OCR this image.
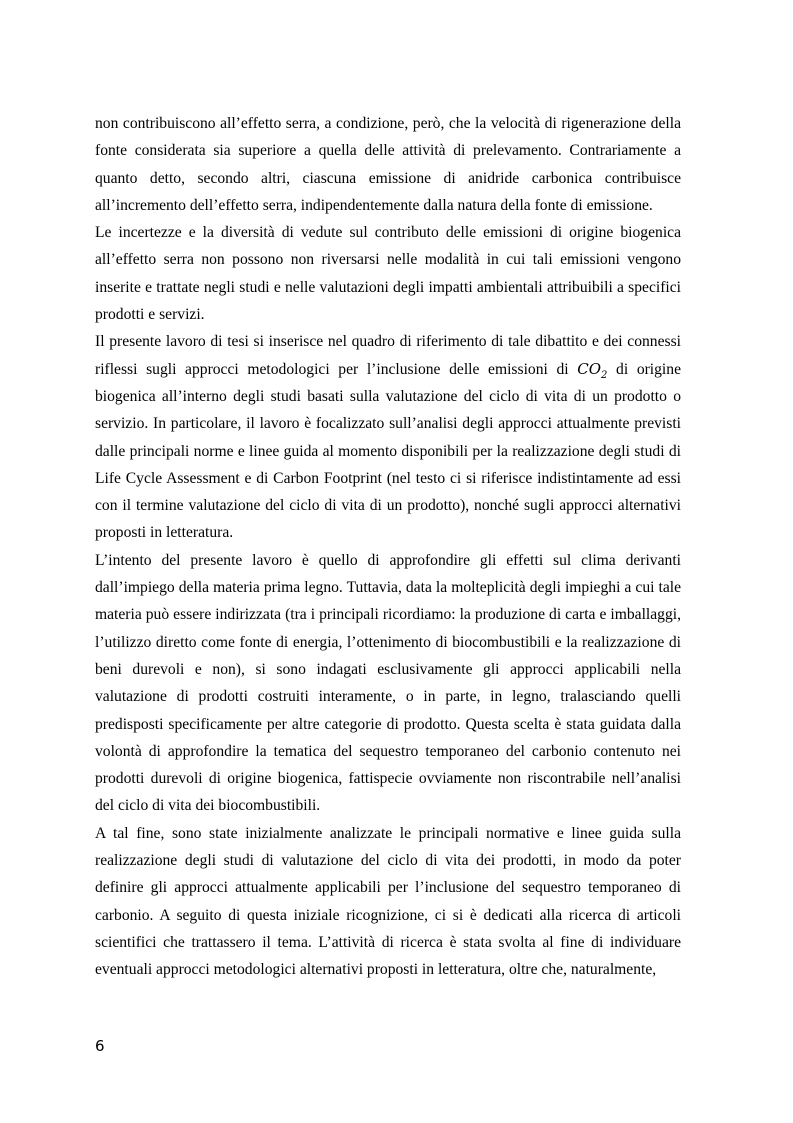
non contribuiscono all’effetto serra, a condizione, però, che la velocità di rigenerazione della fonte considerata sia superiore a quella delle attività di prelevamento. Contrariamente a quanto detto, secondo altri, ciascuna emissione di anidride carbonica contribuisce all’incremento dell’effetto serra, indipendentemente dalla natura della fonte di emissione.

Le incertezze e la diversità di vedute sul contributo delle emissioni di origine biogenica all’effetto serra non possono non riversarsi nelle modalità in cui tali emissioni vengono inserite e trattate negli studi e nelle valutazioni degli impatti ambientali attribuibili a specifici prodotti e servizi.

Il presente lavoro di tesi si inserisce nel quadro di riferimento di tale dibattito e dei connessi riflessi sugli approcci metodologici per l’inclusione delle emissioni di $CO_2$ di origine biogenica all’interno degli studi basati sulla valutazione del ciclo di vita di un prodotto o servizio. In particolare, il lavoro è focalizzato sull’analisi degli approcci attualmente previsti dalle principali norme e linee guida al momento disponibili per la realizzazione degli studi di Life Cycle Assessment e di Carbon Footprint (nel testo ci si riferisce indistintamente ad essi con il termine valutazione del ciclo di vita di un prodotto), nonché sugli approcci alternativi proposti in letteratura.

L’intento del presente lavoro è quello di approfondire gli effetti sul clima derivanti dall’impiego della materia prima legno. Tuttavia, data la molteplicità degli impieghi a cui tale materia può essere indirizzata (tra i principali ricordiamo: la produzione di carta e imballaggi, l’utilizzo diretto come fonte di energia, l’ottenimento di biocombustibili e la realizzazione di beni durevoli e non), si sono indagati esclusivamente gli approcci applicabili nella valutazione di prodotti costruiti interamente, o in parte, in legno, tralasciando quelli predisposti specificamente per altre categorie di prodotto. Questa scelta è stata guidata dalla volontà di approfondire la tematica del sequestro temporaneo del carbonio contenuto nei prodotti durevoli di origine biogenica, fattispecie ovviamente non riscontrabile nell’analisi del ciclo di vita dei biocombustibili.

A tal fine, sono state inizialmente analizzate le principali normative e linee guida sulla realizzazione degli studi di valutazione del ciclo di vita dei prodotti, in modo da poter definire gli approcci attualmente applicabili per l’inclusione del sequestro temporaneo di carbonio. A seguito di questa iniziale ricognizione, ci si è dedicati alla ricerca di articoli scientifici che trattassero il tema. L’attività di ricerca è stata svolta al fine di individuare eventuali approcci metodologici alternativi proposti in letteratura, oltre che, naturalmente,

6
